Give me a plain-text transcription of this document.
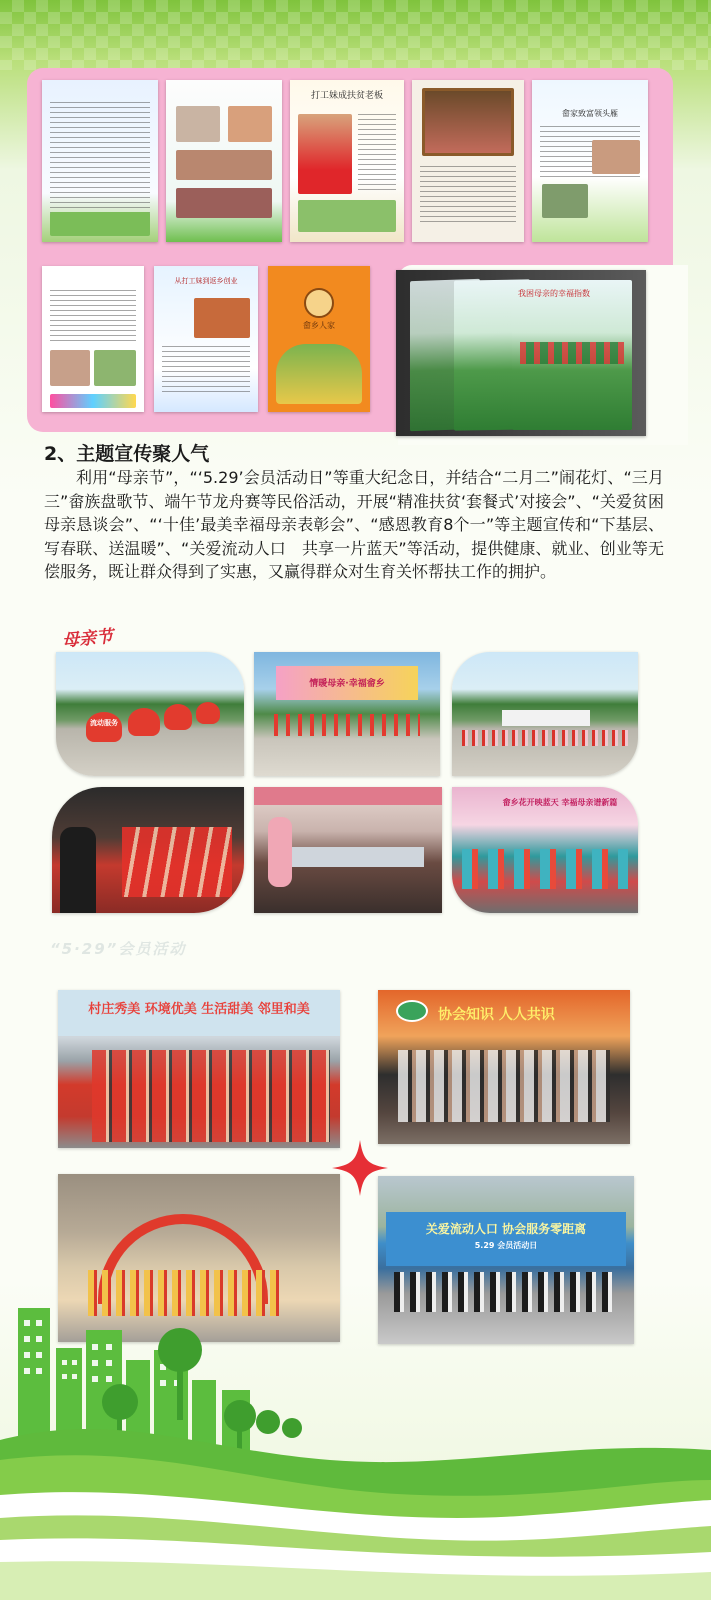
打工妹成扶贫老板
畲家致富领头雁
从打工妹到返乡创业
畲乡人家
我困母亲的幸福指数
2、主题宣传聚人气

利用“母亲节”，“‘5.29’会员活动日”等重大纪念日，并结合“二月二”闹花灯、“三月三”畲族盘歌节、端午节龙舟赛等民俗活动，开展“精准扶贫‘套餐式’对接会”、“关爱贫困母亲恳谈会”、“‘十佳’最美幸福母亲表彰会”、“感恩教育8个一”等主题宣传和“下基层、写春联、送温暖”、“关爱流动人口　共享一片蓝天”等活动，提供健康、就业、创业等无偿服务，既让群众得到了实惠，又赢得群众对生育关怀帮扶工作的拥护。

母亲节
流动服务
情暖母亲·幸福畲乡
畲乡花开映蓝天 幸福母亲谱新篇
“5·29”会员活动
村庄秀美 环境优美 生活甜美 邻里和美	协会知识 人人共识
关爱流动人口 协会服务零距离
5.29 会员活动日
